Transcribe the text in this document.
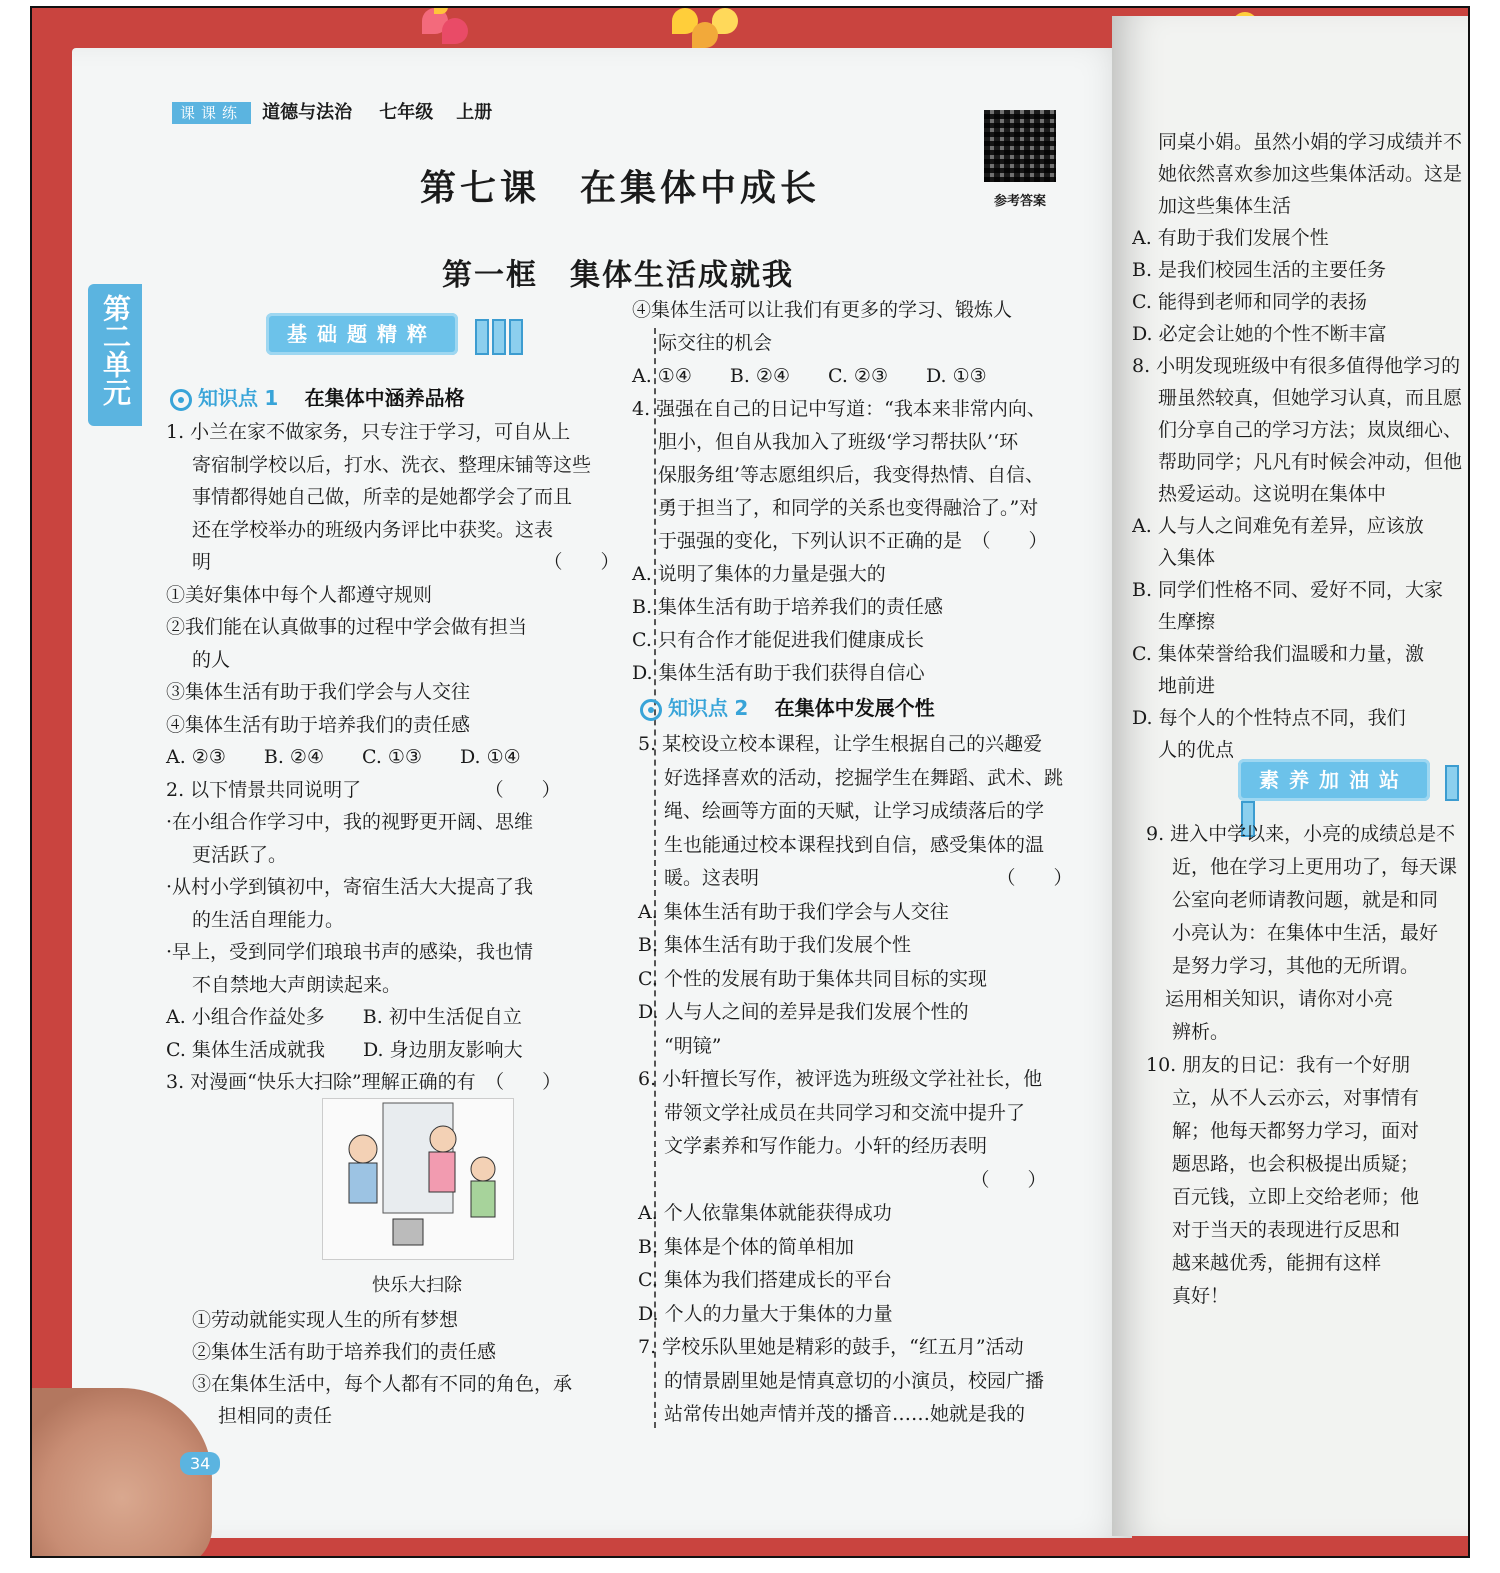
课课练 道德与法治 七年级 上册
参考答案
第七课　在集体中成长
第一框　集体生活成就我
第二单元	基础题精粹
知识点 1 在集体中涵养品格
1. 小兰在家不做家务，只专注于学习，可自从上
寄宿制学校以后，打水、洗衣、整理床铺等这些
事情都得她自己做，所幸的是她都学会了而且
还在学校举办的班级内务评比中获奖。这表
明　　　　　　　　　　　　　　　　　　（　　）
①美好集体中每个人都遵守规则
②我们能在认真做事的过程中学会做有担当
的人
③集体生活有助于我们学会与人交往
④集体生活有助于培养我们的责任感
A. ②③　　B. ②④　　C. ①③　　D. ①④
2. 以下情景共同说明了　　　　　　　（　　）
·在小组合作学习中，我的视野更开阔、思维
更活跃了。
·从村小学到镇初中，寄宿生活大大提高了我
的生活自理能力。
·早上，受到同学们琅琅书声的感染，我也情
不自禁地大声朗读起来。
A. 小组合作益处多　　B. 初中生活促自立
C. 集体生活成就我　　D. 身边朋友影响大
3. 对漫画“快乐大扫除”理解正确的有　（　　）
快乐大扫除
①劳动就能实现人生的所有梦想
②集体生活有助于培养我们的责任感
③在集体生活中，每个人都有不同的角色，承
担相同的责任
④集体生活可以让我们有更多的学习、锻炼人
际交往的机会
A. ①④　　B. ②④　　C. ②③　　D. ①③
4. 强强在自己的日记中写道：“我本来非常内向、
胆小，但自从我加入了班级‘学习帮扶队’‘环
保服务组’等志愿组织后，我变得热情、自信、
勇于担当了，和同学的关系也变得融洽了。”对
于强强的变化，下列认识不正确的是　（　　）
A. 说明了集体的力量是强大的
B. 集体生活有助于培养我们的责任感
C. 只有合作才能促进我们健康成长
D. 集体生活有助于我们获得自信心
知识点 2 在集体中发展个性
5. 某校设立校本课程，让学生根据自己的兴趣爱
好选择喜欢的活动，挖掘学生在舞蹈、武术、跳
绳、绘画等方面的天赋，让学习成绩落后的学
生也能通过校本课程找到自信，感受集体的温
暖。这表明　　　　　　　　　　　　　（　　）
A. 集体生活有助于我们学会与人交往
B. 集体生活有助于我们发展个性
C. 个性的发展有助于集体共同目标的实现
D. 人与人之间的差异是我们发展个性的
“明镜”
6. 小轩擅长写作，被评选为班级文学社社长，他
带领文学社成员在共同学习和交流中提升了
文学素养和写作能力。小轩的经历表明
　　　　　　　　　　　　　　　　　　（　　）
A. 个人依靠集体就能获得成功
B. 集体是个体的简单相加
C. 集体为我们搭建成长的平台
D. 个人的力量大于集体的力量
7. 学校乐队里她是精彩的鼓手，“红五月”活动
的情景剧里她是情真意切的小演员，校园广播
站常传出她声情并茂的播音……她就是我的
同桌小娟。虽然小娟的学习成绩并不
她依然喜欢参加这些集体活动。这是
加这些集体生活
A. 有助于我们发展个性
B. 是我们校园生活的主要任务
C. 能得到老师和同学的表扬
D. 必定会让她的个性不断丰富
8. 小明发现班级中有很多值得他学习的
珊虽然较真，但她学习认真，而且愿
们分享自己的学习方法；岚岚细心、
帮助同学；凡凡有时候会冲动，但他
热爱运动。这说明在集体中
A. 人与人之间难免有差异，应该放
入集体
B. 同学们性格不同、爱好不同，大家
生摩擦
C. 集体荣誉给我们温暖和力量，激
地前进
D. 每个人的个性特点不同，我们
人的优点
素养加油站
9. 进入中学以来，小亮的成绩总是不
近，他在学习上更用功了，每天课
公室向老师请教问题，就是和同
小亮认为：在集体中生活，最好
是努力学习，其他的无所谓。
　运用相关知识，请你对小亮
辨析。
10. 朋友的日记：我有一个好朋
立，从不人云亦云，对事情有
解；他每天都努力学习，面对
题思路，也会积极提出质疑；
百元钱，立即上交给老师；他
对于当天的表现进行反思和
越来越优秀，能拥有这样
真好！
34
